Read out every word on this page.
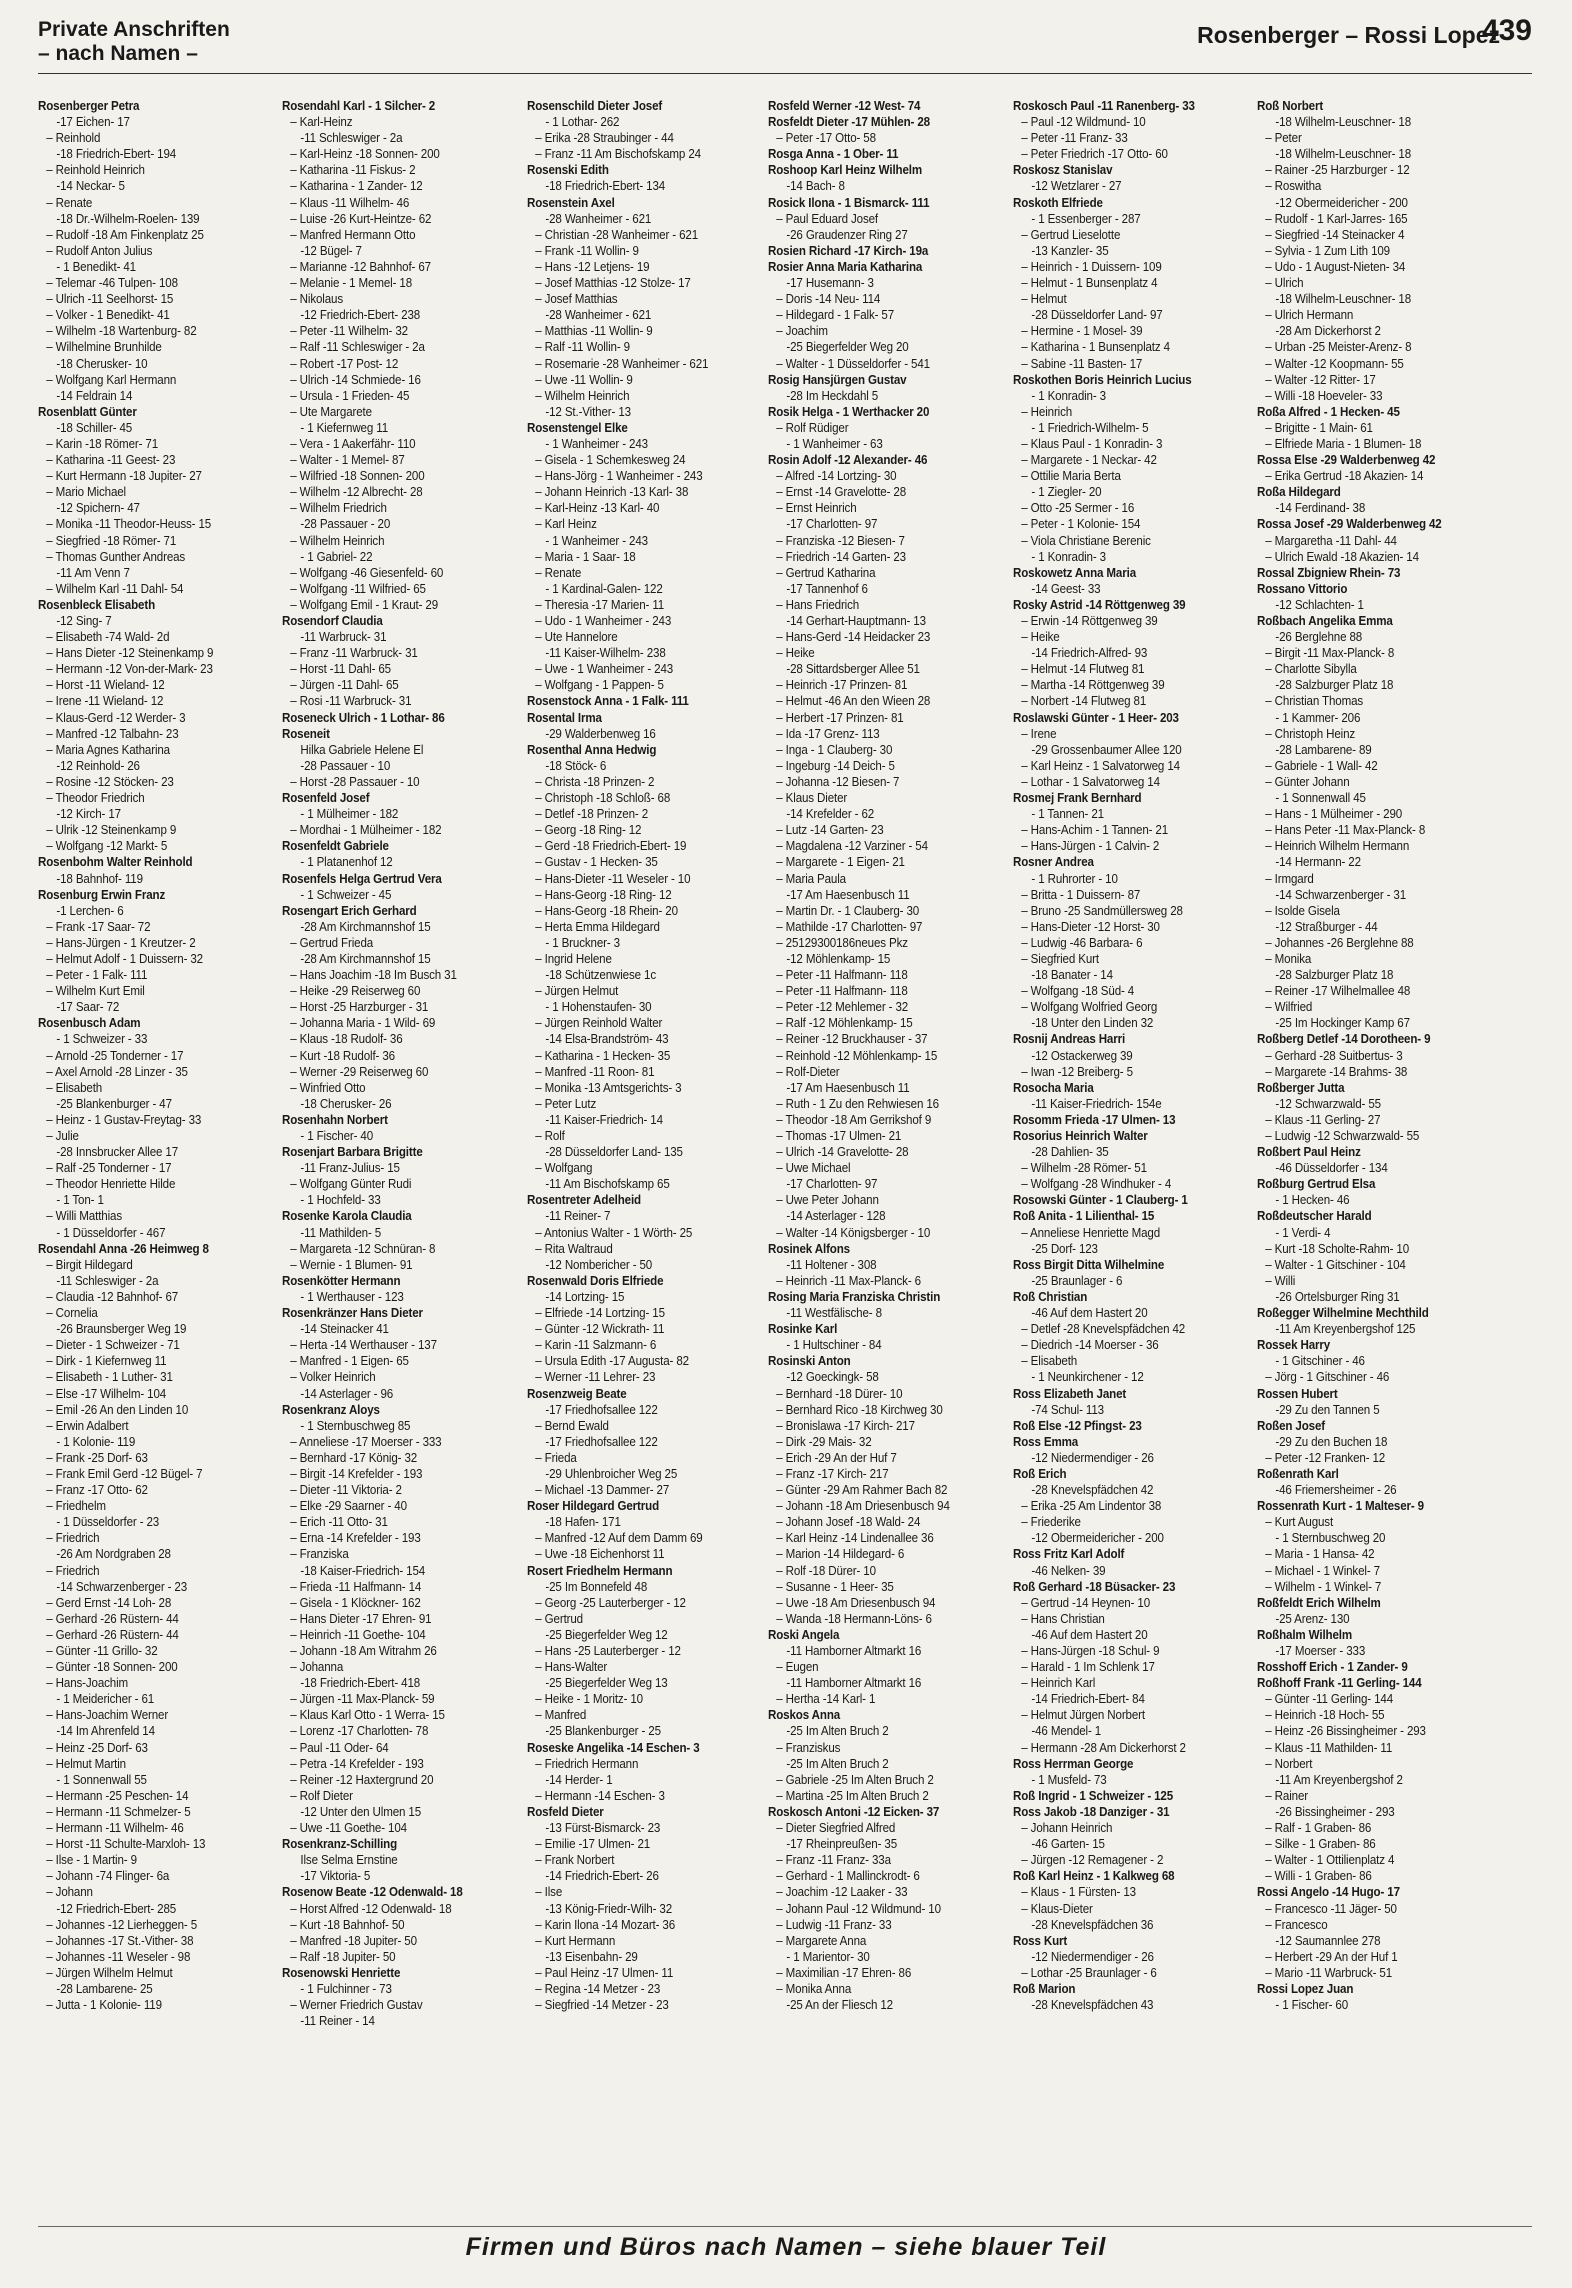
Private Anschriften
– nach Namen –
Rosenberger – Rossi Lopez
439
Rosenberger Petra
-17 Eichen- 17
– Reinhold
-18 Friedrich-Ebert- 194
– Reinhold Heinrich
-14 Neckar- 5
– Renate
-18 Dr.-Wilhelm-Roelen- 139
– Rudolf -18 Am Finkenplatz 25
– Rudolf Anton Julius
- 1 Benedikt- 41
– Telemar -46 Tulpen- 108
– Ulrich -11 Seelhorst- 15
– Volker - 1 Benedikt- 41
– Wilhelm -18 Wartenburg- 82
– Wilhelmine Brunhilde
-18 Cherusker- 10
– Wolfgang Karl Hermann
-14 Feldrain 14
Rosenblatt Günter
-18 Schiller- 45
– Karin -18 Römer- 71
– Katharina -11 Geest- 23
– Kurt Hermann -18 Jupiter- 27
– Mario Michael
-12 Spichern- 47
– Monika -11 Theodor-Heuss- 15
– Siegfried -18 Römer- 71
– Thomas Gunther Andreas
-11 Am Venn 7
– Wilhelm Karl -11 Dahl- 54
Rosenbleck Elisabeth
-12 Sing- 7
– Elisabeth -74 Wald- 2d
– Hans Dieter -12 Steinenkamp 9
– Hermann -12 Von-der-Mark- 23
– Horst -11 Wieland- 12
– Irene -11 Wieland- 12
– Klaus-Gerd -12 Werder- 3
– Manfred -12 Talbahn- 23
– Maria Agnes Katharina
-12 Reinhold- 26
– Rosine -12 Stöcken- 23
– Theodor Friedrich
-12 Kirch- 17
– Ulrik -12 Steinenkamp 9
– Wolfgang -12 Markt- 5
Rosenbohm Walter Reinhold
-18 Bahnhof- 119
Rosenburg Erwin Franz
-1 Lerchen- 6
– Frank -17 Saar- 72
– Hans-Jürgen - 1 Kreutzer- 2
– Helmut Adolf - 1 Duissern- 32
– Peter - 1 Falk- 111
– Wilhelm Kurt Emil
-17 Saar- 72
Rosenbusch Adam
- 1 Schweizer - 33
– Arnold -25 Tonderner - 17
– Axel Arnold -28 Linzer - 35
– Elisabeth
-25 Blankenburger - 47
– Heinz - 1 Gustav-Freytag- 33
– Julie
-28 Innsbrucker Allee 17
– Ralf -25 Tonderner - 17
– Theodor Henriette Hilde
- 1 Ton- 1
– Willi Matthias
- 1 Düsseldorfer - 467
Rosendahl Anna -26 Heimweg 8
– Birgit Hildegard
-11 Schleswiger - 2a
– Claudia -12 Bahnhof- 67
– Cornelia
-26 Braunsberger Weg 19
– Dieter - 1 Schweizer - 71
– Dirk - 1 Kiefernweg 11
– Elisabeth - 1 Luther- 31
– Else -17 Wilhelm- 104
– Emil -26 An den Linden 10
– Erwin Adalbert
- 1 Kolonie- 119
– Frank -25 Dorf- 63
– Frank Emil Gerd -12 Bügel- 7
– Franz -17 Otto- 62
– Friedhelm
- 1 Düsseldorfer - 23
– Friedrich
-26 Am Nordgraben 28
– Friedrich
-14 Schwarzenberger - 23
– Gerd Ernst -14 Loh- 28
– Gerhard -26 Rüstern- 44
– Gerhard -26 Rüstern- 44
– Günter -11 Grillo- 32
– Günter -18 Sonnen- 200
– Hans-Joachim
- 1 Meidericher - 61
– Hans-Joachim Werner
-14 Im Ahrenfeld 14
– Heinz -25 Dorf- 63
– Helmut Martin
- 1 Sonnenwall 55
– Hermann -25 Peschen- 14
– Hermann -11 Schmelzer- 5
– Hermann -11 Wilhelm- 46
– Horst -11 Schulte-Marxloh- 13
– Ilse - 1 Martin- 9
– Johann -74 Flinger- 6a
– Johann
-12 Friedrich-Ebert- 285
– Johannes -12 Lierheggen- 5
– Johannes -17 St.-Vither- 38
– Johannes -11 Weseler - 98
– Jürgen Wilhelm Helmut
-28 Lambarene- 25
– Jutta - 1 Kolonie- 119
Rosendahl Karl - 1 Silcher- 2
– Karl-Heinz
-11 Schleswiger - 2a
– Karl-Heinz -18 Sonnen- 200
– Katharina -11 Fiskus- 2
– Katharina - 1 Zander- 12
– Klaus -11 Wilhelm- 46
– Luise -26 Kurt-Heintze- 62
– Manfred Hermann Otto
-12 Bügel- 7
– Marianne -12 Bahnhof- 67
– Melanie - 1 Memel- 18
– Nikolaus
-12 Friedrich-Ebert- 238
– Peter -11 Wilhelm- 32
– Ralf -11 Schleswiger - 2a
– Robert -17 Post- 12
– Ulrich -14 Schmiede- 16
– Ursula - 1 Frieden- 45
– Ute Margarete
- 1 Kiefernweg 11
– Vera - 1 Aakerfähr- 110
– Walter - 1 Memel- 87
– Wilfried -18 Sonnen- 200
– Wilhelm -12 Albrecht- 28
– Wilhelm Friedrich
-28 Passauer - 20
– Wilhelm Heinrich
- 1 Gabriel- 22
– Wolfgang -46 Giesenfeld- 60
– Wolfgang -11 Wilfried- 65
– Wolfgang Emil - 1 Kraut- 29
Rosendorf Claudia
-11 Warbruck- 31
– Franz -11 Warbruck- 31
– Horst -11 Dahl- 65
– Jürgen -11 Dahl- 65
– Rosi -11 Warbruck- 31
Roseneck Ulrich - 1 Lothar- 86
Roseneit
Hilka Gabriele Helene El
-28 Passauer - 10
– Horst -28 Passauer - 10
Rosenfeld Josef
- 1 Mülheimer - 182
– Mordhai - 1 Mülheimer - 182
Rosenfeldt Gabriele
- 1 Platanenhof 12
Rosenfels Helga Gertrud Vera
- 1 Schweizer - 45
Rosengart Erich Gerhard
-28 Am Kirchmannshof 15
– Gertrud Frieda
-28 Am Kirchmannshof 15
– Hans Joachim -18 Im Busch 31
– Heike -29 Reiserweg 60
– Horst -25 Harzburger - 31
– Johanna Maria - 1 Wild- 69
– Klaus -18 Rudolf- 36
– Kurt -18 Rudolf- 36
– Werner -29 Reiserweg 60
– Winfried Otto
-18 Cherusker- 26
Rosenhahn Norbert
- 1 Fischer- 40
Rosenjart Barbara Brigitte
-11 Franz-Julius- 15
– Wolfgang Günter Rudi
- 1 Hochfeld- 33
Rosenke Karola Claudia
-11 Mathilden- 5
– Margareta -12 Schnüran- 8
– Wernie - 1 Blumen- 91
Rosenkötter Hermann
- 1 Werthauser - 123
Rosenkränzer Hans Dieter
-14 Steinacker 41
– Herta -14 Werthauser - 137
– Manfred - 1 Eigen- 65
– Volker Heinrich
-14 Asterlager - 96
Rosenkranz Aloys
- 1 Sternbuschweg 85
– Anneliese -17 Moerser - 333
– Bernhard -17 König- 32
– Birgit -14 Krefelder - 193
– Dieter -11 Viktoria- 2
– Elke -29 Saarner - 40
– Erich -11 Otto- 31
– Erna -14 Krefelder - 193
– Franziska
-18 Kaiser-Friedrich- 154
– Frieda -11 Halfmann- 14
– Gisela - 1 Klöckner- 162
– Hans Dieter -17 Ehren- 91
– Heinrich -11 Goethe- 104
– Johann -18 Am Witrahm 26
– Johanna
-18 Friedrich-Ebert- 418
– Jürgen -11 Max-Planck- 59
– Klaus Karl Otto - 1 Werra- 15
– Lorenz -17 Charlotten- 78
– Paul -11 Oder- 64
– Petra -14 Krefelder - 193
– Reiner -12 Haxtergrund 20
– Rolf Dieter
-12 Unter den Ulmen 15
– Uwe -11 Goethe- 104
Rosenkranz-Schilling
Ilse Selma Ernstine
-17 Viktoria- 5
Rosenow Beate -12 Odenwald- 18
– Horst Alfred -12 Odenwald- 18
– Kurt -18 Bahnhof- 50
– Manfred -18 Jupiter- 50
– Ralf -18 Jupiter- 50
Rosenowski Henriette
- 1 Fulchinner - 73
– Werner Friedrich Gustav
-11 Reiner - 14
Rosenschild Dieter Josef
- 1 Lothar- 262
– Erika -28 Straubinger - 44
– Franz -11 Am Bischofskamp 24
Rosenski Edith
-18 Friedrich-Ebert- 134
Rosenstein Axel
-28 Wanheimer - 621
– Christian -28 Wanheimer - 621
– Frank -11 Wollin- 9
– Hans -12 Letjens- 19
– Josef Matthias -12 Stolze- 17
– Josef Matthias
-28 Wanheimer - 621
– Matthias -11 Wollin- 9
– Ralf -11 Wollin- 9
– Rosemarie -28 Wanheimer - 621
– Uwe -11 Wollin- 9
– Wilhelm Heinrich
-12 St.-Vither- 13
Rosenstengel Elke
- 1 Wanheimer - 243
– Gisela - 1 Schemkesweg 24
– Hans-Jörg - 1 Wanheimer - 243
– Johann Heinrich -13 Karl- 38
– Karl-Heinz -13 Karl- 40
– Karl Heinz
- 1 Wanheimer - 243
– Maria - 1 Saar- 18
– Renate
- 1 Kardinal-Galen- 122
– Theresia -17 Marien- 11
– Udo - 1 Wanheimer - 243
– Ute Hannelore
-11 Kaiser-Wilhelm- 238
– Uwe - 1 Wanheimer - 243
– Wolfgang - 1 Pappen- 5
Rosenstock Anna - 1 Falk- 111
Rosental Irma
-29 Walderbenweg 16
Rosenthal Anna Hedwig
-18 Stöck- 6
– Christa -18 Prinzen- 2
– Christoph -18 Schloß- 68
– Detlef -18 Prinzen- 2
– Georg -18 Ring- 12
– Gerd -18 Friedrich-Ebert- 19
– Gustav - 1 Hecken- 35
– Hans-Dieter -11 Weseler - 10
– Hans-Georg -18 Ring- 12
– Hans-Georg -18 Rhein- 20
– Herta Emma Hildegard
- 1 Bruckner- 3
– Ingrid Helene
-18 Schützenwiese 1c
– Jürgen Helmut
- 1 Hohenstaufen- 30
– Jürgen Reinhold Walter
-14 Elsa-Brandström- 43
– Katharina - 1 Hecken- 35
– Manfred -11 Roon- 81
– Monika -13 Amtsgerichts- 3
– Peter Lutz
-11 Kaiser-Friedrich- 14
– Rolf
-28 Düsseldorfer Land- 135
– Wolfgang
-11 Am Bischofskamp 65
Rosentreter Adelheid
-11 Reiner- 7
– Antonius Walter - 1 Wörth- 25
– Rita Waltraud
-12 Nombericher - 50
Rosenwald Doris Elfriede
-14 Lortzing- 15
– Elfriede -14 Lortzing- 15
– Günter -12 Wickrath- 11
– Karin -11 Salzmann- 6
– Ursula Edith -17 Augusta- 82
– Werner -11 Lehrer- 23
Rosenzweig Beate
-17 Friedhofsallee 122
– Bernd Ewald
-17 Friedhofsallee 122
– Frieda
-29 Uhlenbroicher Weg 25
– Michael -13 Dammer- 27
Roser Hildegard Gertrud
-18 Hafen- 171
– Manfred -12 Auf dem Damm 69
– Uwe -18 Eichenhorst 11
Rosert Friedhelm Hermann
-25 Im Bonnefeld 48
– Georg -25 Lauterberger - 12
– Gertrud
-25 Biegerfelder Weg 12
– Hans -25 Lauterberger - 12
– Hans-Walter
-25 Biegerfelder Weg 13
– Heike - 1 Moritz- 10
– Manfred
-25 Blankenburger - 25
Roseske Angelika -14 Eschen- 3
– Friedrich Hermann
-14 Herder- 1
– Hermann -14 Eschen- 3
Rosfeld Dieter
-13 Fürst-Bismarck- 23
– Emilie -17 Ulmen- 21
– Frank Norbert
-14 Friedrich-Ebert- 26
– Ilse
-13 König-Friedr-Wilh- 32
– Karin Ilona -14 Mozart- 36
– Kurt Hermann
-13 Eisenbahn- 29
– Paul Heinz -17 Ulmen- 11
– Regina -14 Metzer - 23
– Siegfried -14 Metzer - 23
Rosfeld Werner -12 West- 74
Rosfeldt Dieter -17 Mühlen- 28
– Peter -17 Otto- 58
Rosga Anna - 1 Ober- 11
Roshoop Karl Heinz Wilhelm
-14 Bach- 8
Rosick Ilona - 1 Bismarck- 111
– Paul Eduard Josef
-26 Graudenzer Ring 27
Rosien Richard -17 Kirch- 19a
Rosier Anna Maria Katharina
-17 Husemann- 3
– Doris -14 Neu- 114
– Hildegard - 1 Falk- 57
– Joachim
-25 Biegerfelder Weg 20
– Walter - 1 Düsseldorfer - 541
Rosig Hansjürgen Gustav
-28 Im Heckdahl 5
Rosik Helga - 1 Werthacker 20
– Rolf Rüdiger
- 1 Wanheimer - 63
Rosin Adolf -12 Alexander- 46
– Alfred -14 Lortzing- 30
– Ernst -14 Gravelotte- 28
– Ernst Heinrich
-17 Charlotten- 97
– Franziska -12 Biesen- 7
– Friedrich -14 Garten- 23
– Gertrud Katharina
-17 Tannenhof 6
– Hans Friedrich
-14 Gerhart-Hauptmann- 13
– Hans-Gerd -14 Heidacker 23
– Heike
-28 Sittardsberger Allee 51
– Heinrich -17 Prinzen- 81
– Helmut -46 An den Wieen 28
– Herbert -17 Prinzen- 81
– Ida -17 Grenz- 113
– Inga - 1 Clauberg- 30
– Ingeburg -14 Deich- 5
– Johanna -12 Biesen- 7
– Klaus Dieter
-14 Krefelder - 62
– Lutz -14 Garten- 23
– Magdalena -12 Varziner - 54
– Margarete - 1 Eigen- 21
– Maria Paula
-17 Am Haesenbusch 11
– Martin Dr. - 1 Clauberg- 30
– Mathilde -17 Charlotten- 97
– 25129300186neues Pkz
-12 Möhlenkamp- 15
– Peter -11 Halfmann- 118
– Peter -11 Halfmann- 118
– Peter -12 Mehlemer - 32
– Ralf -12 Möhlenkamp- 15
– Reiner -12 Bruckhauser - 37
– Reinhold -12 Möhlenkamp- 15
– Rolf-Dieter
-17 Am Haesenbusch 11
– Ruth - 1 Zu den Rehwiesen 16
– Theodor -18 Am Gerrikshof 9
– Thomas -17 Ulmen- 21
– Ulrich -14 Gravelotte- 28
– Uwe Michael
-17 Charlotten- 97
– Uwe Peter Johann
-14 Asterlager - 128
– Walter -14 Königsberger - 10
Rosinek Alfons
-11 Holtener - 308
– Heinrich -11 Max-Planck- 6
Rosing Maria Franziska Christin
-11 Westfälische- 8
Rosinke Karl
- 1 Hultschiner - 84
Rosinski Anton
-12 Goeckingk- 58
– Bernhard -18 Dürer- 10
– Bernhard Rico -18 Kirchweg 30
– Bronislawa -17 Kirch- 217
– Dirk -29 Mais- 32
– Erich -29 An der Huf 7
– Franz -17 Kirch- 217
– Günter -29 Am Rahmer Bach 82
– Johann -18 Am Driesenbusch 94
– Johann Josef -18 Wald- 24
– Karl Heinz -14 Lindenallee 36
– Marion -14 Hildegard- 6
– Rolf -18 Dürer- 10
– Susanne - 1 Heer- 35
– Uwe -18 Am Driesenbusch 94
– Wanda -18 Hermann-Löns- 6
Roski Angela
-11 Hamborner Altmarkt 16
– Eugen
-11 Hamborner Altmarkt 16
– Hertha -14 Karl- 1
Roskos Anna
-25 Im Alten Bruch 2
– Franziskus
-25 Im Alten Bruch 2
– Gabriele -25 Im Alten Bruch 2
– Martina -25 Im Alten Bruch 2
Roskosch Antoni -12 Eicken- 37
– Dieter Siegfried Alfred
-17 Rheinpreußen- 35
– Franz -11 Franz- 33a
– Gerhard - 1 Mallinckrodt- 6
– Joachim -12 Laaker - 33
– Johann Paul -12 Wildmund- 10
– Ludwig -11 Franz- 33
– Margarete Anna
- 1 Marientor- 30
– Maximilian -17 Ehren- 86
– Monika Anna
-25 An der Fliesch 12
Roskosch Paul -11 Ranenberg- 33
– Paul -12 Wildmund- 10
– Peter -11 Franz- 33
– Peter Friedrich -17 Otto- 60
Roskosz Stanislav
-12 Wetzlarer - 27
Roskoth Elfriede
- 1 Essenberger - 287
– Gertrud Lieselotte
-13 Kanzler- 35
– Heinrich - 1 Duissern- 109
– Helmut - 1 Bunsenplatz 4
– Helmut
-28 Düsseldorfer Land- 97
– Hermine - 1 Mosel- 39
– Katharina - 1 Bunsenplatz 4
– Sabine -11 Basten- 17
Roskothen Boris Heinrich Lucius
- 1 Konradin- 3
– Heinrich
- 1 Friedrich-Wilhelm- 5
– Klaus Paul - 1 Konradin- 3
– Margarete - 1 Neckar- 42
– Ottilie Maria Berta
- 1 Ziegler- 20
– Otto -25 Sermer - 16
– Peter - 1 Kolonie- 154
– Viola Christiane Berenic
- 1 Konradin- 3
Roskowetz Anna Maria
-14 Geest- 33
Rosky Astrid -14 Röttgenweg 39
– Erwin -14 Röttgenweg 39
– Heike
-14 Friedrich-Alfred- 93
– Helmut -14 Flutweg 81
– Martha -14 Röttgenweg 39
– Norbert -14 Flutweg 81
Roslawski Günter - 1 Heer- 203
– Irene
-29 Grossenbaumer Allee 120
– Karl Heinz - 1 Salvatorweg 14
– Lothar - 1 Salvatorweg 14
Rosmej Frank Bernhard
- 1 Tannen- 21
– Hans-Achim - 1 Tannen- 21
– Hans-Jürgen - 1 Calvin- 2
Rosner Andrea
- 1 Ruhrorter - 10
– Britta - 1 Duissern- 87
– Bruno -25 Sandmüllersweg 28
– Hans-Dieter -12 Horst- 30
– Ludwig -46 Barbara- 6
– Siegfried Kurt
-18 Banater - 14
– Wolfgang -18 Süd- 4
– Wolfgang Wolfried Georg
-18 Unter den Linden 32
Rosnij Andreas Harri
-12 Ostackerweg 39
– Iwan -12 Breiberg- 5
Rosocha Maria
-11 Kaiser-Friedrich- 154e
Rosomm Frieda -17 Ulmen- 13
Rosorius Heinrich Walter
-28 Dahlien- 35
– Wilhelm -28 Römer- 51
– Wolfgang -28 Windhuker - 4
Rosowski Günter - 1 Clauberg- 1
Roß Anita - 1 Lilienthal- 15
– Anneliese Henriette Magd
-25 Dorf- 123
Ross Birgit Ditta Wilhelmine
-25 Braunlager - 6
Roß Christian
-46 Auf dem Hastert 20
– Detlef -28 Knevelspfädchen 42
– Diedrich -14 Moerser - 36
– Elisabeth
- 1 Neunkirchener - 12
Ross Elizabeth Janet
-74 Schul- 113
Roß Else -12 Pfingst- 23
Ross Emma
-12 Niedermendiger - 26
Roß Erich
-28 Knevelspfädchen 42
– Erika -25 Am Lindentor 38
– Friederike
-12 Obermeidericher - 200
Ross Fritz Karl Adolf
-46 Nelken- 39
Roß Gerhard -18 Büsacker- 23
– Gertrud -14 Heynen- 10
– Hans Christian
-46 Auf dem Hastert 20
– Hans-Jürgen -18 Schul- 9
– Harald - 1 Im Schlenk 17
– Heinrich Karl
-14 Friedrich-Ebert- 84
– Helmut Jürgen Norbert
-46 Mendel- 1
– Hermann -28 Am Dickerhorst 2
Ross Herrman George
- 1 Musfeld- 73
Roß Ingrid - 1 Schweizer - 125
Ross Jakob -18 Danziger - 31
– Johann Heinrich
-46 Garten- 15
– Jürgen -12 Remagener - 2
Roß Karl Heinz - 1 Kalkweg 68
– Klaus - 1 Fürsten- 13
– Klaus-Dieter
-28 Knevelspfädchen 36
Ross Kurt
-12 Niedermendiger - 26
– Lothar -25 Braunlager - 6
Roß Marion
-28 Knevelspfädchen 43
Roß Norbert
-18 Wilhelm-Leuschner- 18
– Peter
-18 Wilhelm-Leuschner- 18
– Rainer -25 Harzburger - 12
– Roswitha
-12 Obermeidericher - 200
– Rudolf - 1 Karl-Jarres- 165
– Siegfried -14 Steinacker 4
– Sylvia - 1 Zum Lith 109
– Udo - 1 August-Nieten- 34
– Ulrich
-18 Wilhelm-Leuschner- 18
– Ulrich Hermann
-28 Am Dickerhorst 2
– Urban -25 Meister-Arenz- 8
– Walter -12 Koopmann- 55
– Walter -12 Ritter- 17
– Willi -18 Hoeveler- 33
Roßa Alfred - 1 Hecken- 45
– Brigitte - 1 Main- 61
– Elfriede Maria - 1 Blumen- 18
Rossa Else -29 Walderbenweg 42
– Erika Gertrud -18 Akazien- 14
Roßa Hildegard
-14 Ferdinand- 38
Rossa Josef -29 Walderbenweg 42
– Margaretha -11 Dahl- 44
– Ulrich Ewald -18 Akazien- 14
Rossal Zbigniew Rhein- 73
Rossano Vittorio
-12 Schlachten- 1
Roßbach Angelika Emma
-26 Berglehne 88
– Birgit -11 Max-Planck- 8
– Charlotte Sibylla
-28 Salzburger Platz 18
– Christian Thomas
- 1 Kammer- 206
– Christoph Heinz
-28 Lambarene- 89
– Gabriele - 1 Wall- 42
– Günter Johann
- 1 Sonnenwall 45
– Hans - 1 Mülheimer - 290
– Hans Peter -11 Max-Planck- 8
– Heinrich Wilhelm Hermann
-14 Hermann- 22
– Irmgard
-14 Schwarzenberger - 31
– Isolde Gisela
-12 Straßburger - 44
– Johannes -26 Berglehne 88
– Monika
-28 Salzburger Platz 18
– Reiner -17 Wilhelmallee 48
– Wilfried
-25 Im Hockinger Kamp 67
Roßberg Detlef -14 Dorotheen- 9
– Gerhard -28 Suitbertus- 3
– Margarete -14 Brahms- 38
Roßberger Jutta
-12 Schwarzwald- 55
– Klaus -11 Gerling- 27
– Ludwig -12 Schwarzwald- 55
Roßbert Paul Heinz
-46 Düsseldorfer - 134
Roßburg Gertrud Elsa
- 1 Hecken- 46
Roßdeutscher Harald
- 1 Verdi- 4
– Kurt -18 Scholte-Rahm- 10
– Walter - 1 Gitschiner - 104
– Willi
-26 Ortelsburger Ring 31
Roßegger Wilhelmine Mechthild
-11 Am Kreyenbergshof 125
Rossek Harry
- 1 Gitschiner - 46
– Jörg - 1 Gitschiner - 46
Rossen Hubert
-29 Zu den Tannen 5
Roßen Josef
-29 Zu den Buchen 18
– Peter -12 Franken- 12
Roßenrath Karl
-46 Friemersheimer - 26
Rossenrath Kurt - 1 Malteser- 9
– Kurt August
- 1 Sternbuschweg 20
– Maria - 1 Hansa- 42
– Michael - 1 Winkel- 7
– Wilhelm - 1 Winkel- 7
Roßfeldt Erich Wilhelm
-25 Arenz- 130
Roßhalm Wilhelm
-17 Moerser - 333
Rosshoff Erich - 1 Zander- 9
Roßhoff Frank -11 Gerling- 144
– Günter -11 Gerling- 144
– Heinrich -18 Hoch- 55
– Heinz -26 Bissingheimer - 293
– Klaus -11 Mathilden- 11
– Norbert
-11 Am Kreyenbergshof 2
– Rainer
-26 Bissingheimer - 293
– Ralf - 1 Graben- 86
– Silke - 1 Graben- 86
– Walter - 1 Ottilienplatz 4
– Willi - 1 Graben- 86
Rossi Angelo -14 Hugo- 17
– Francesco -11 Jäger- 50
– Francesco
-12 Saumannlee 278
– Herbert -29 An der Huf 1
– Mario -11 Warbruck- 51
Rossi Lopez Juan
- 1 Fischer- 60
Firmen und Büros nach Namen – siehe blauer Teil
